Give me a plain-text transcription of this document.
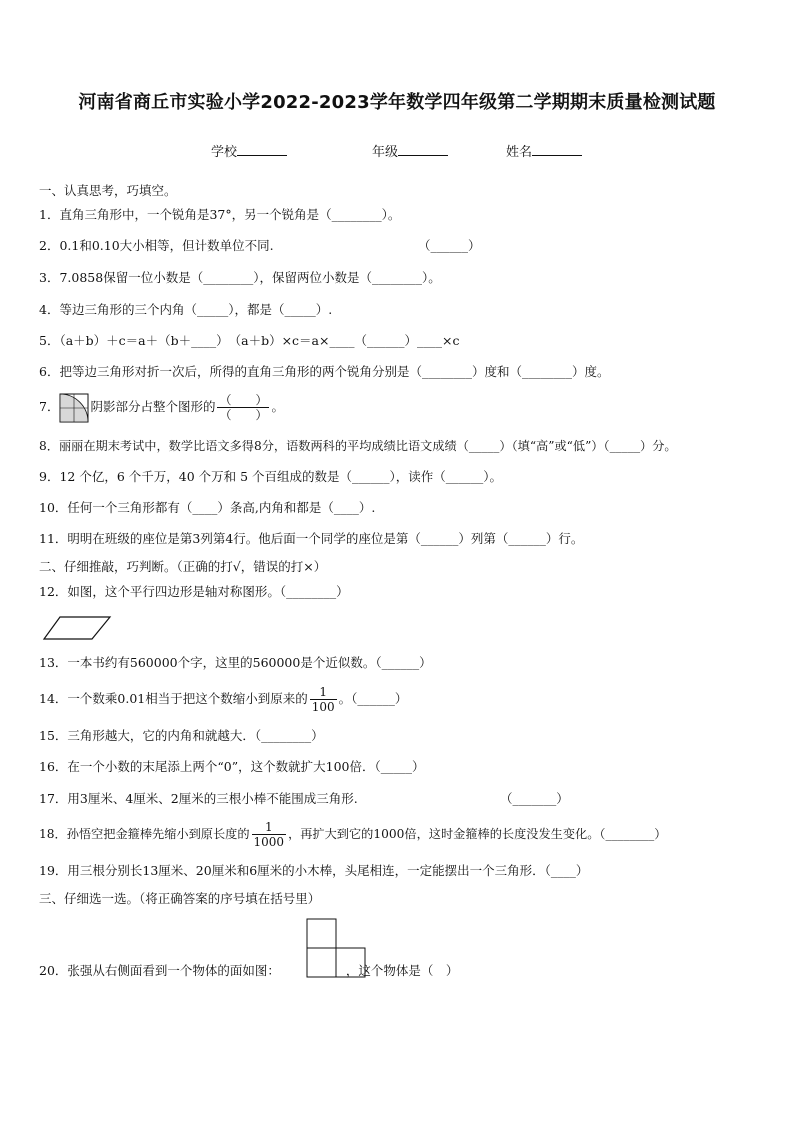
河南省商丘市实验小学2022-2023学年数学四年级第二学期期末质量检测试题
学校	年级	姓名
一、认真思考，巧填空。
1．直角三角形中，一个锐角是37°，另一个锐角是（________）。
2．0.1和0.10大小相等，但计数单位不同.	（______）
3．7.0858保留一位小数是（________），保留两位小数是（________）。
4．等边三角形的三个内角（_____），都是（_____）.
5．（a＋b）＋c＝a＋（b＋____）　（a＋b）×c＝a×____（______）____×c
6．把等边三角形对折一次后，所得的直角三角形的两个锐角分别是（________）度和（________）度。
7． 阴影部分占整个图形的 $\frac{( )}{( )}$ 。
8．丽丽在期末考试中，数学比语文多得8分，语数两科的平均成绩比语文成绩（_____）（填“高”或“低”）（_____）分。
9．12 个亿，6 个千万，40 个万和 5 个百组成的数是（______），读作（______）。
10．任何一个三角形都有（____）条高,内角和都是（____）.
11．明明在班级的座位是第3列第4行。他后面一个同学的座位是第（______）列第（______）行。
二、仔细推敲，巧判断。（正确的打√，错误的打×）
12．如图，这个平行四边形是轴对称图形。（________）
13．一本书约有560000个字，这里的560000是个近似数。（______）
14．一个数乘0.01相当于把这个数缩小到原来的 $\frac{1}{100}$ 。（______）
15．三角形越大，它的内角和就越大．（________）
16．在一个小数的末尾添上两个“0”，这个数就扩大100倍．（_____）
17．用3厘米、4厘米、2厘米的三根小棒不能围成三角形.	（_______）
18．孙悟空把金箍棒先缩小到原长度的 $\frac{1}{1000}$ ，再扩大到它的1000倍，这时金箍棒的长度没发生变化。（________）
19．用三根分别长13厘米、20厘米和6厘米的小木棒，头尾相连，一定能摆出一个三角形．（____）
三、仔细选一选。（将正确答案的序号填在括号里）
20．张强从右侧面看到一个物体的面如图：	，这个物体是（　）
